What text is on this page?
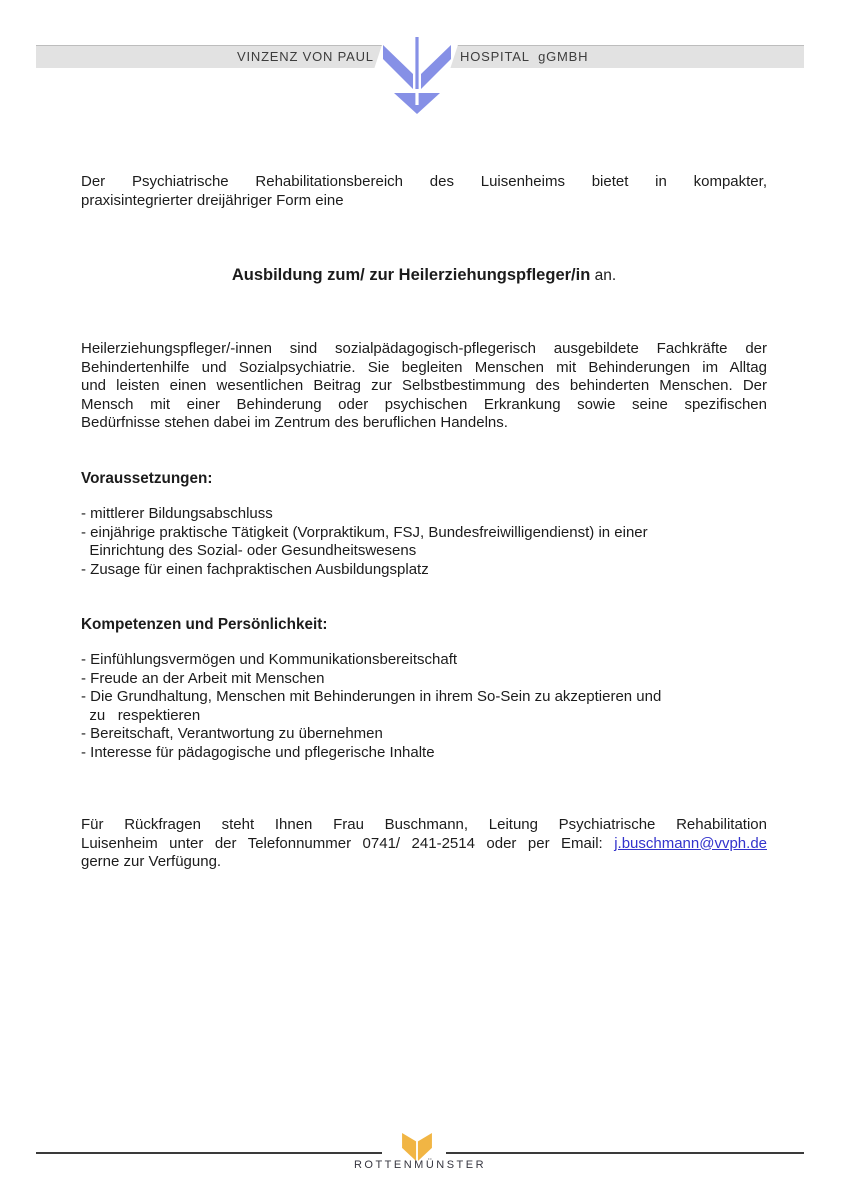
VINZENZ VON PAUL	HOSPITAL  gGMBH
Der Psychiatrische Rehabilitationsbereich des Luisenheims bietet in kompakter,
praxisintegrierter dreijähriger Form eine
Ausbildung zum/ zur Heilerziehungspfleger/in an.
Heilerziehungspfleger/-innen sind sozialpädagogisch-pflegerisch ausgebildete Fachkräfte der
Behindertenhilfe und Sozialpsychiatrie. Sie begleiten Menschen mit Behinderungen im Alltag
und leisten einen wesentlichen Beitrag zur Selbstbestimmung des behinderten Menschen. Der
Mensch mit einer Behinderung oder psychischen Erkrankung sowie seine spezifischen
Bedürfnisse stehen dabei im Zentrum des beruflichen Handelns.
Voraussetzungen:
- mittlerer Bildungsabschluss
- einjährige praktische Tätigkeit (Vorpraktikum, FSJ, Bundesfreiwilligendienst) in einer
Einrichtung des Sozial- oder Gesundheitswesens
- Zusage für einen fachpraktischen Ausbildungsplatz
Kompetenzen und Persönlichkeit:
- Einfühlungsvermögen und Kommunikationsbereitschaft
- Freude an der Arbeit mit Menschen
- Die Grundhaltung, Menschen mit Behinderungen in ihrem So-Sein zu akzeptieren und
zu   respektieren
- Bereitschaft, Verantwortung zu übernehmen
- Interesse für pädagogische und pflegerische Inhalte
Für Rückfragen steht Ihnen Frau Buschmann, Leitung Psychiatrische Rehabilitation
Luisenheim unter der Telefonnummer 0741/ 241-2514 oder per Email: j.buschmann@vvph.de
gerne zur Verfügung.
ROTTENMÜNSTER
